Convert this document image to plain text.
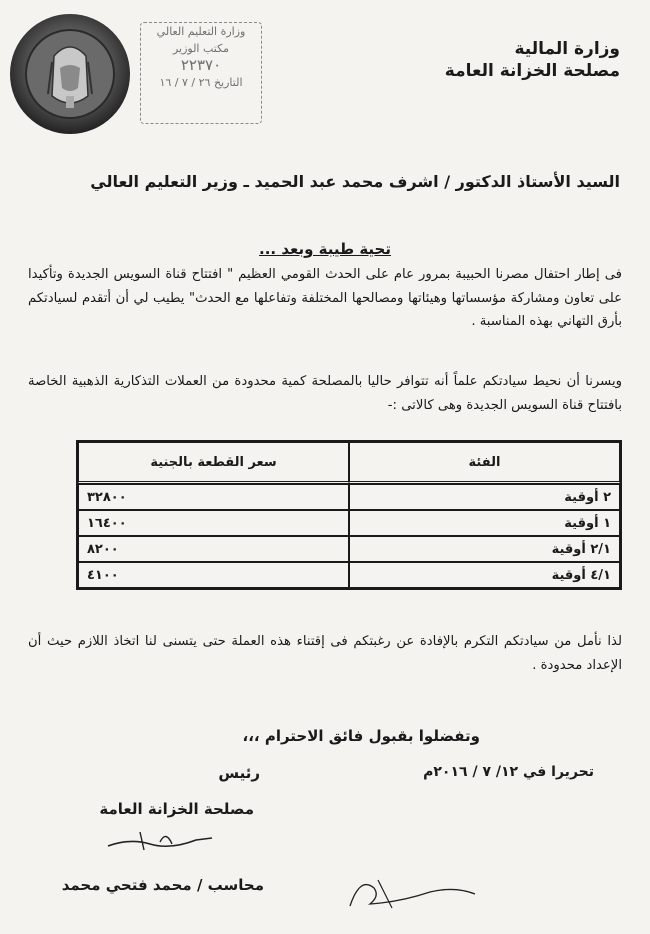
وزارة التعليم العالي
مكتب الوزير
٢٢٣٧٠
التاريخ ٢٦ / ٧ / ١٦
وزارة المالية
مصلحة الخزانة العامة
السيد الأستاذ الدكتور / اشرف محمد عبد الحميد ـ وزير التعليم العالي
تحية طيبة وبعد ...
فى إطار احتفال مصرنا الحبيبة بمرور عام على الحدث القومي العظيم " افتتاح قناة السويس الجديدة وتأكيدا على تعاون ومشاركة مؤسساتها وهيئاتها ومصالحها المختلفة وتفاعلها مع الحدث" يطيب لي أن أتقدم لسيادتكم بأرق التهاني بهذه المناسبة .
ويسرنا أن نحيط سيادتكم علماً أنه تتوافر حاليا بالمصلحة كمية محدودة من العملات التذكارية الذهبية الخاصة بافتتاح قناة السويس الجديدة وهى كالاتى :-
الفئة	سعر القطعة بالجنية
٢ أوقية	٣٢٨٠٠
١ أوقية	١٦٤٠٠
٢/١ أوقية	٨٢٠٠
٤/١ أوقية	٤١٠٠
لذا نأمل من سيادتكم التكرم بالإفادة عن رغبتكم فى إقتناء هذه العملة حتى يتسنى لنا اتخاذ اللازم حيث أن الإعداد محدودة .
وتفضلوا بقبول فائق الاحترام ،،،
تحريرا في ١٢/ ٧ / ٢٠١٦م
رئيس
مصلحة الخزانة العامة
محاسب / محمد فتحي محمد
